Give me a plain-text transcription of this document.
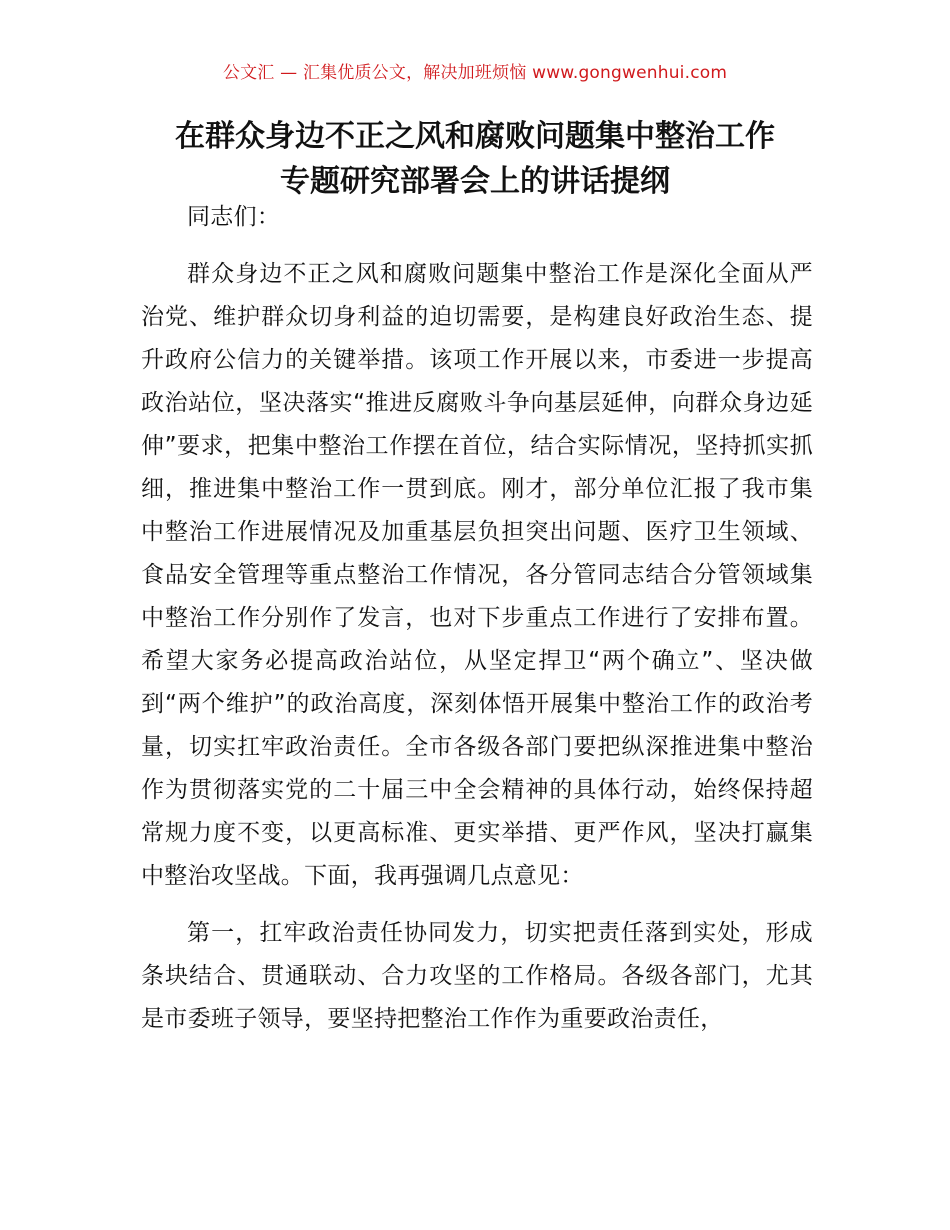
公文汇 — 汇集优质公文，解决加班烦恼 www.gongwenhui.com
在群众身边不正之风和腐败问题集中整治工作
专题研究部署会上的讲话提纲

同志们：

群众身边不正之风和腐败问题集中整治工作是深化全面从严治党、维护群众切身利益的迫切需要，是构建良好政治生态、提升政府公信力的关键举措。该项工作开展以来，市委进一步提高政治站位，坚决落实“推进反腐败斗争向基层延伸，向群众身边延伸”要求，把集中整治工作摆在首位，结合实际情况，坚持抓实抓细，推进集中整治工作一贯到底。刚才，部分单位汇报了我市集中整治工作进展情况及加重基层负担突出问题、医疗卫生领域、食品安全管理等重点整治工作情况，各分管同志结合分管领域集中整治工作分别作了发言，也对下步重点工作进行了安排布置。希望大家务必提高政治站位，从坚定捍卫“两个确立”、坚决做到“两个维护”的政治高度，深刻体悟开展集中整治工作的政治考量，切实扛牢政治责任。全市各级各部门要把纵深推进集中整治作为贯彻落实党的二十届三中全会精神的具体行动，始终保持超常规力度不变，以更高标准、更实举措、更严作风，坚决打赢集中整治攻坚战。下面，我再强调几点意见：

第一，扛牢政治责任协同发力，切实把责任落到实处，形成条块结合、贯通联动、合力攻坚的工作格局。各级各部门，尤其是市委班子领导，要坚持把整治工作作为重要政治责任，
